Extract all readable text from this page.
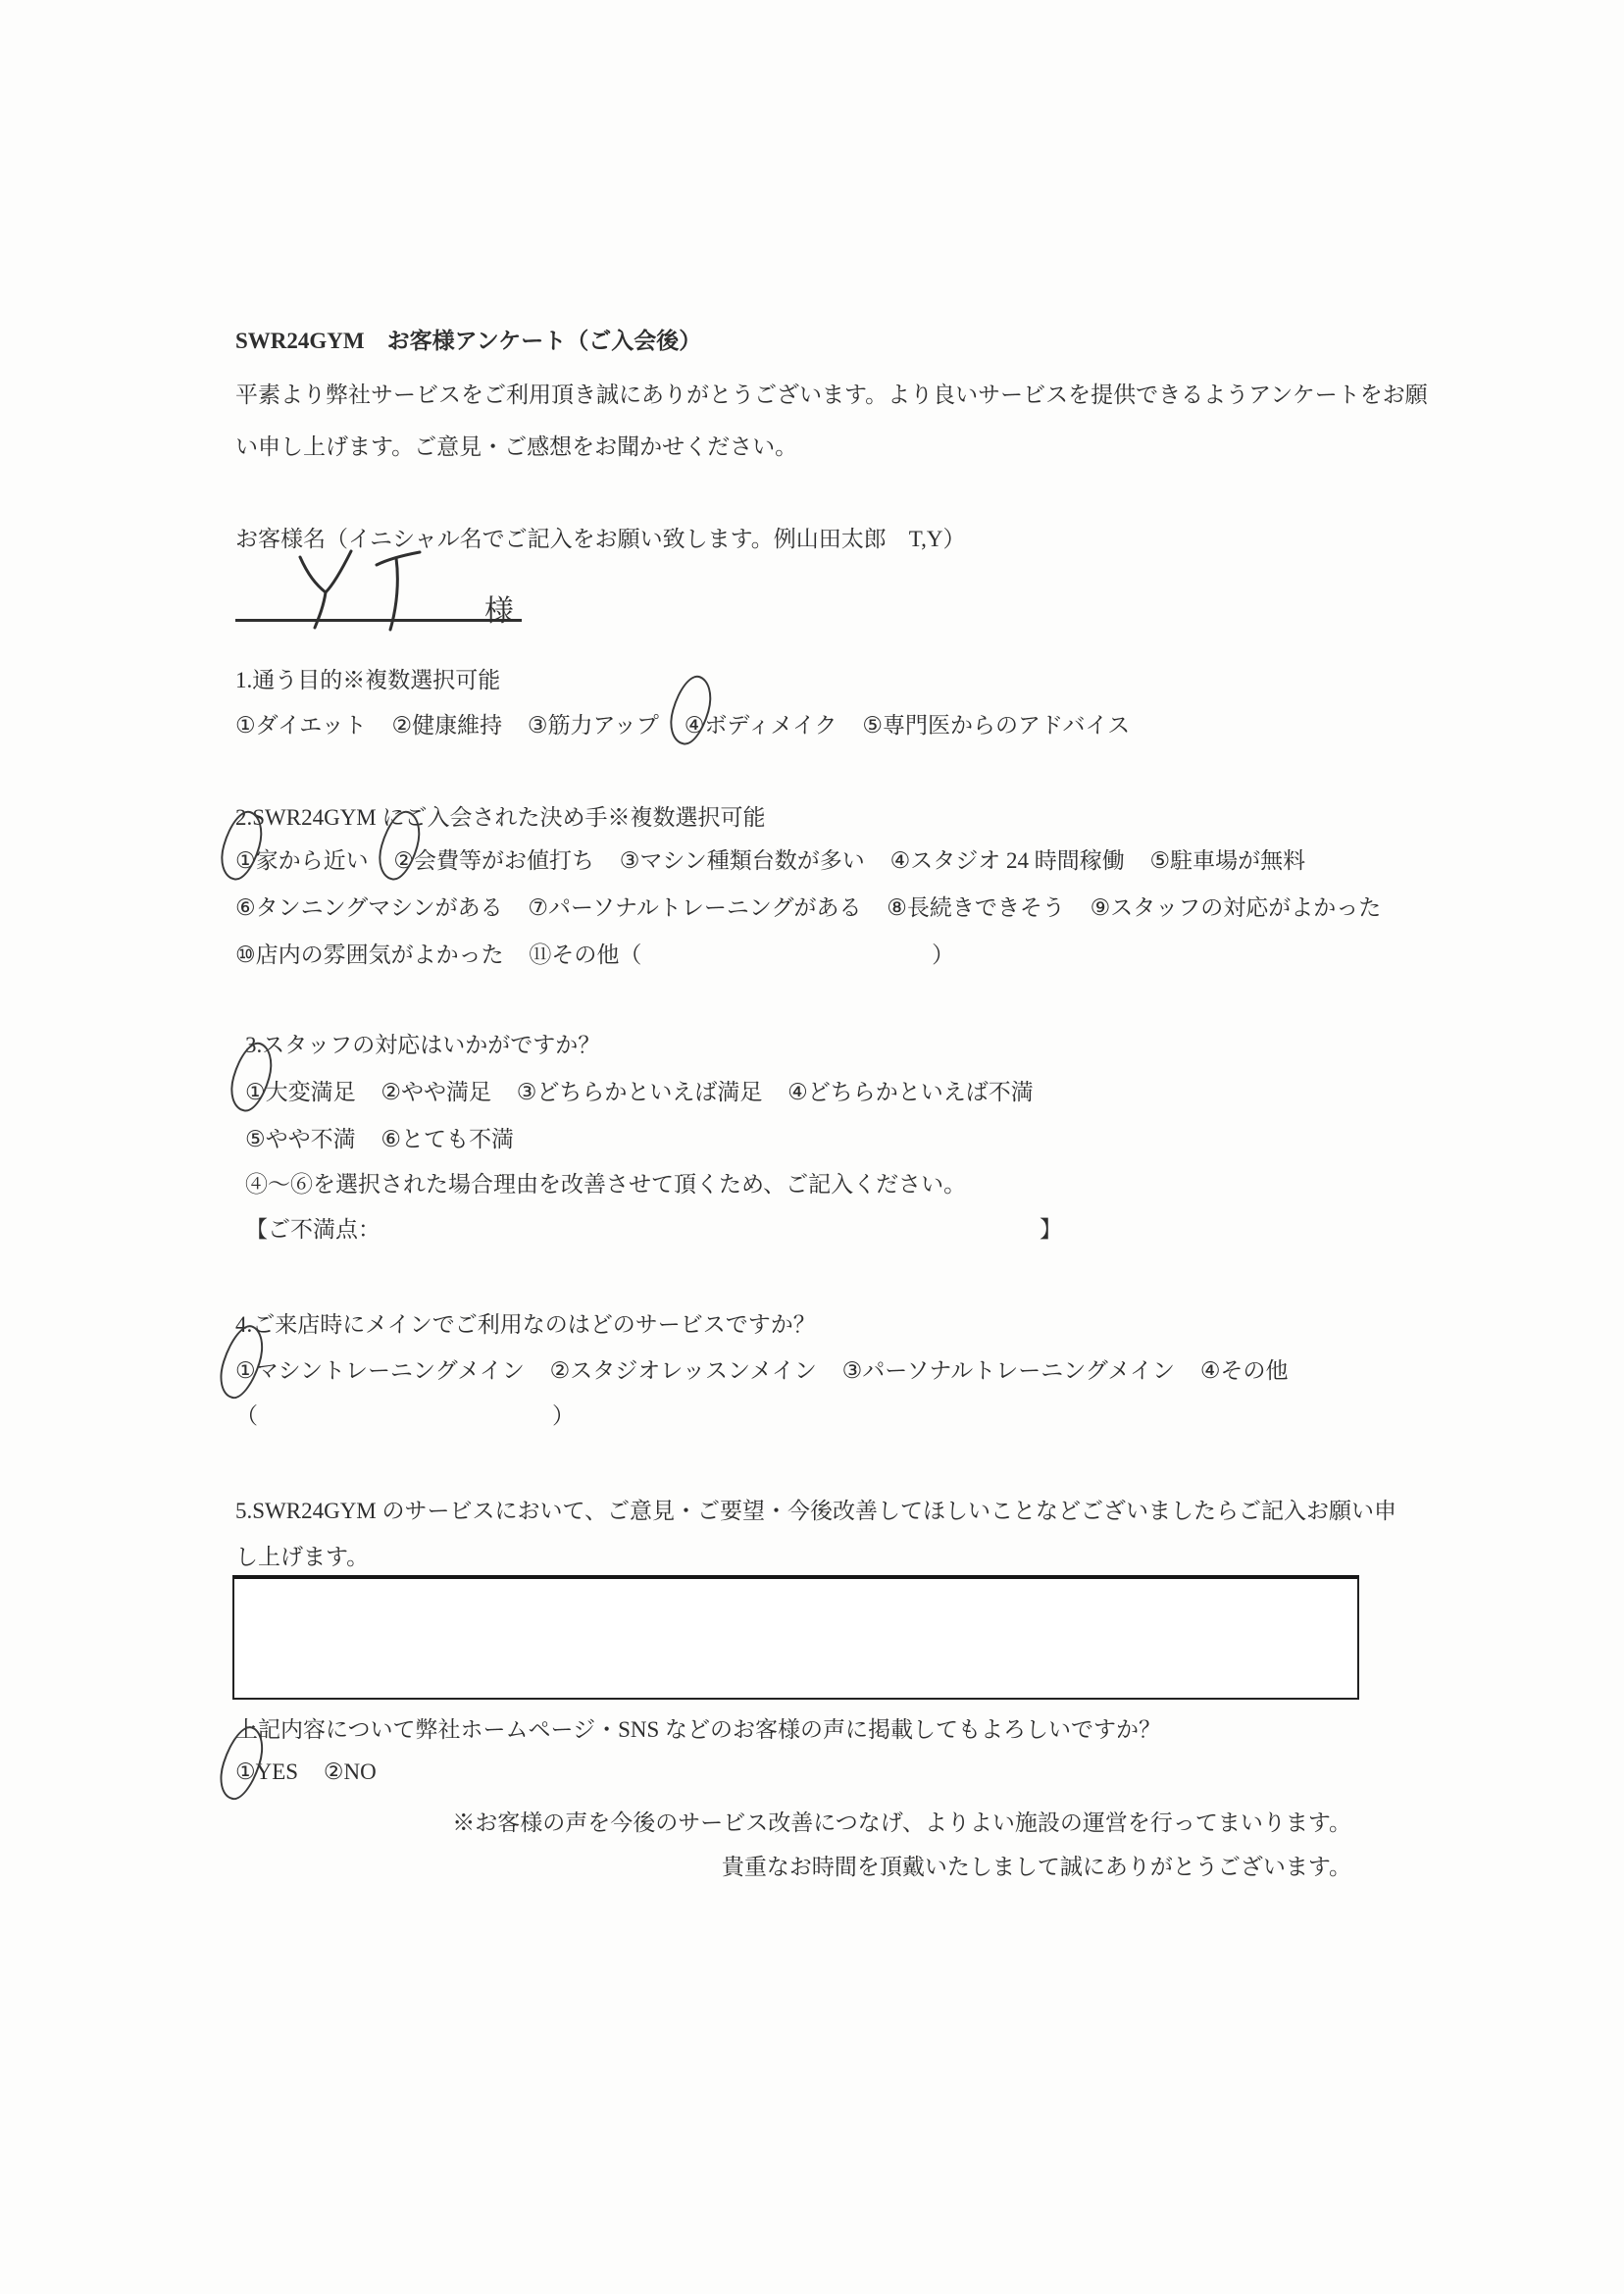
SWR24GYM　お客様アンケート（ご入会後）
平素より弊社サービスをご利用頂き誠にありがとうございます。より良いサービスを提供できるようアンケートをお願
い申し上げます。ご意見・ご感想をお聞かせください。
お客様名（イニシャル名でご記入をお願い致します。例山田太郎　T,Y）
様
1.通う目的※複数選択可能
①ダイエット ②健康維持 ③筋力アップ ④ボディメイク ⑤専門医からのアドバイス
2.SWR24GYM にご入会された決め手※複数選択可能
①家から近い ②会費等がお値打ち ③マシン種類台数が多い ④スタジオ 24 時間稼働 ⑤駐車場が無料
⑥タンニングマシンがある ⑦パーソナルトレーニングがある ⑧長続きできそう ⑨スタッフの対応がよかった
⑩店内の雰囲気がよかった ⑪その他（	）
3.スタッフの対応はいかがですか？
①大変満足 ②やや満足 ③どちらかといえば満足 ④どちらかといえば不満
⑤やや不満 ⑥とても不満
④～⑥を選択された場合理由を改善させて頂くため、ご記入ください。
【ご不満点：	】
4.ご来店時にメインでご利用なのはどのサービスですか？
①マシントレーニングメイン ②スタジオレッスンメイン ③パーソナルトレーニングメイン ④その他
（	）
5.SWR24GYM のサービスにおいて、ご意見・ご要望・今後改善してほしいことなどございましたらご記入お願い申
し上げます。
上記内容について弊社ホームページ・SNS などのお客様の声に掲載してもよろしいですか？
①YES ②NO
※お客様の声を今後のサービス改善につなげ、よりよい施設の運営を行ってまいります。
貴重なお時間を頂戴いたしまして誠にありがとうございます。
